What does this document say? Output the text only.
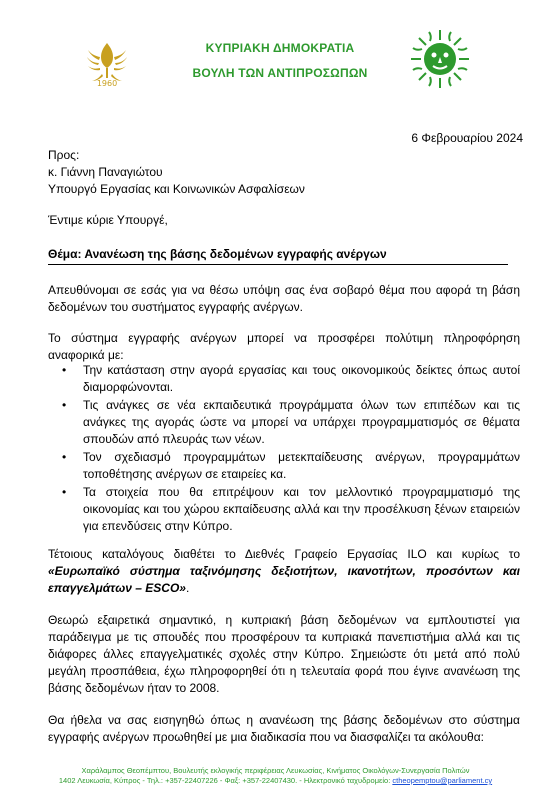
1960
ΚΥΠΡΙΑΚΗ ΔΗΜΟΚΡΑΤΙΑ
ΒΟΥΛΗ ΤΩΝ ΑΝΤΙΠΡΟΣΩΠΩΝ
6 Φεβρουαρίου 2024
Προς:
κ. Γιάννη Παναγιώτου
Υπουργό Εργασίας και Κοινωνικών Ασφαλίσεων
Έντιμε κύριε Υπουργέ,
Θέμα: Ανανέωση της βάσης δεδομένων εγγραφής ανέργων
Απευθύνομαι σε εσάς για να θέσω υπόψη σας ένα σοβαρό θέμα που αφορά τη βάση δεδομένων του συστήματος εγγραφής ανέργων.
Το σύστημα εγγραφής ανέργων μπορεί να προσφέρει πολύτιμη πληροφόρηση αναφορικά με:
• Την κατάσταση στην αγορά εργασίας και τους οικονομικούς δείκτες όπως αυτοί διαμορφώνονται.
• Τις ανάγκες σε νέα εκπαιδευτικά προγράμματα όλων των επιπέδων και τις ανάγκες της αγοράς ώστε να μπορεί να υπάρχει προγραμματισμός σε θέματα σπουδών από πλευράς των νέων.
• Τον σχεδιασμό προγραμμάτων μετεκπαίδευσης ανέργων, προγραμμάτων τοποθέτησης ανέργων σε εταιρείες κα.
• Τα στοιχεία που θα επιτρέψουν και τον μελλοντικό προγραμματισμό της οικονομίας και του χώρου εκπαίδευσης αλλά και την προσέλκυση ξένων εταιρειών για επενδύσεις στην Κύπρο.
Τέτοιους καταλόγους διαθέτει το Διεθνές Γραφείο Εργασίας ILO και κυρίως το «Ευρωπαϊκό σύστημα ταξινόμησης δεξιοτήτων, ικανοτήτων, προσόντων και επαγγελμάτων – ESCO».
Θεωρώ εξαιρετικά σημαντικό, η κυπριακή βάση δεδομένων να εμπλουτιστεί για παράδειγμα με τις σπουδές που προσφέρουν τα κυπριακά πανεπιστήμια αλλά και τις διάφορες άλλες επαγγελματικές σχολές στην Κύπρο. Σημειώστε ότι μετά από πολύ μεγάλη προσπάθεια, έχω πληροφορηθεί ότι η τελευταία φορά που έγινε ανανέωση της βάσης δεδομένων ήταν το 2008.
Θα ήθελα να σας εισηγηθώ όπως η ανανέωση της βάσης δεδομένων στο σύστημα εγγραφής ανέργων προωθηθεί με μια διαδικασία που να διασφαλίζει τα ακόλουθα:
Χαράλαμπος Θεοπέμπτου, Βουλευτής εκλογικής περιφέρειας Λευκωσίας, Κινήματος Οικολόγων-Συνεργασία Πολιτών
1402 Λευκωσία, Κύπρος - Τηλ.: +357-22407226 - Φαξ: +357-22407430. - Ηλεκτρονικό ταχυδρομείο: ctheopemptou@parliament.cy
